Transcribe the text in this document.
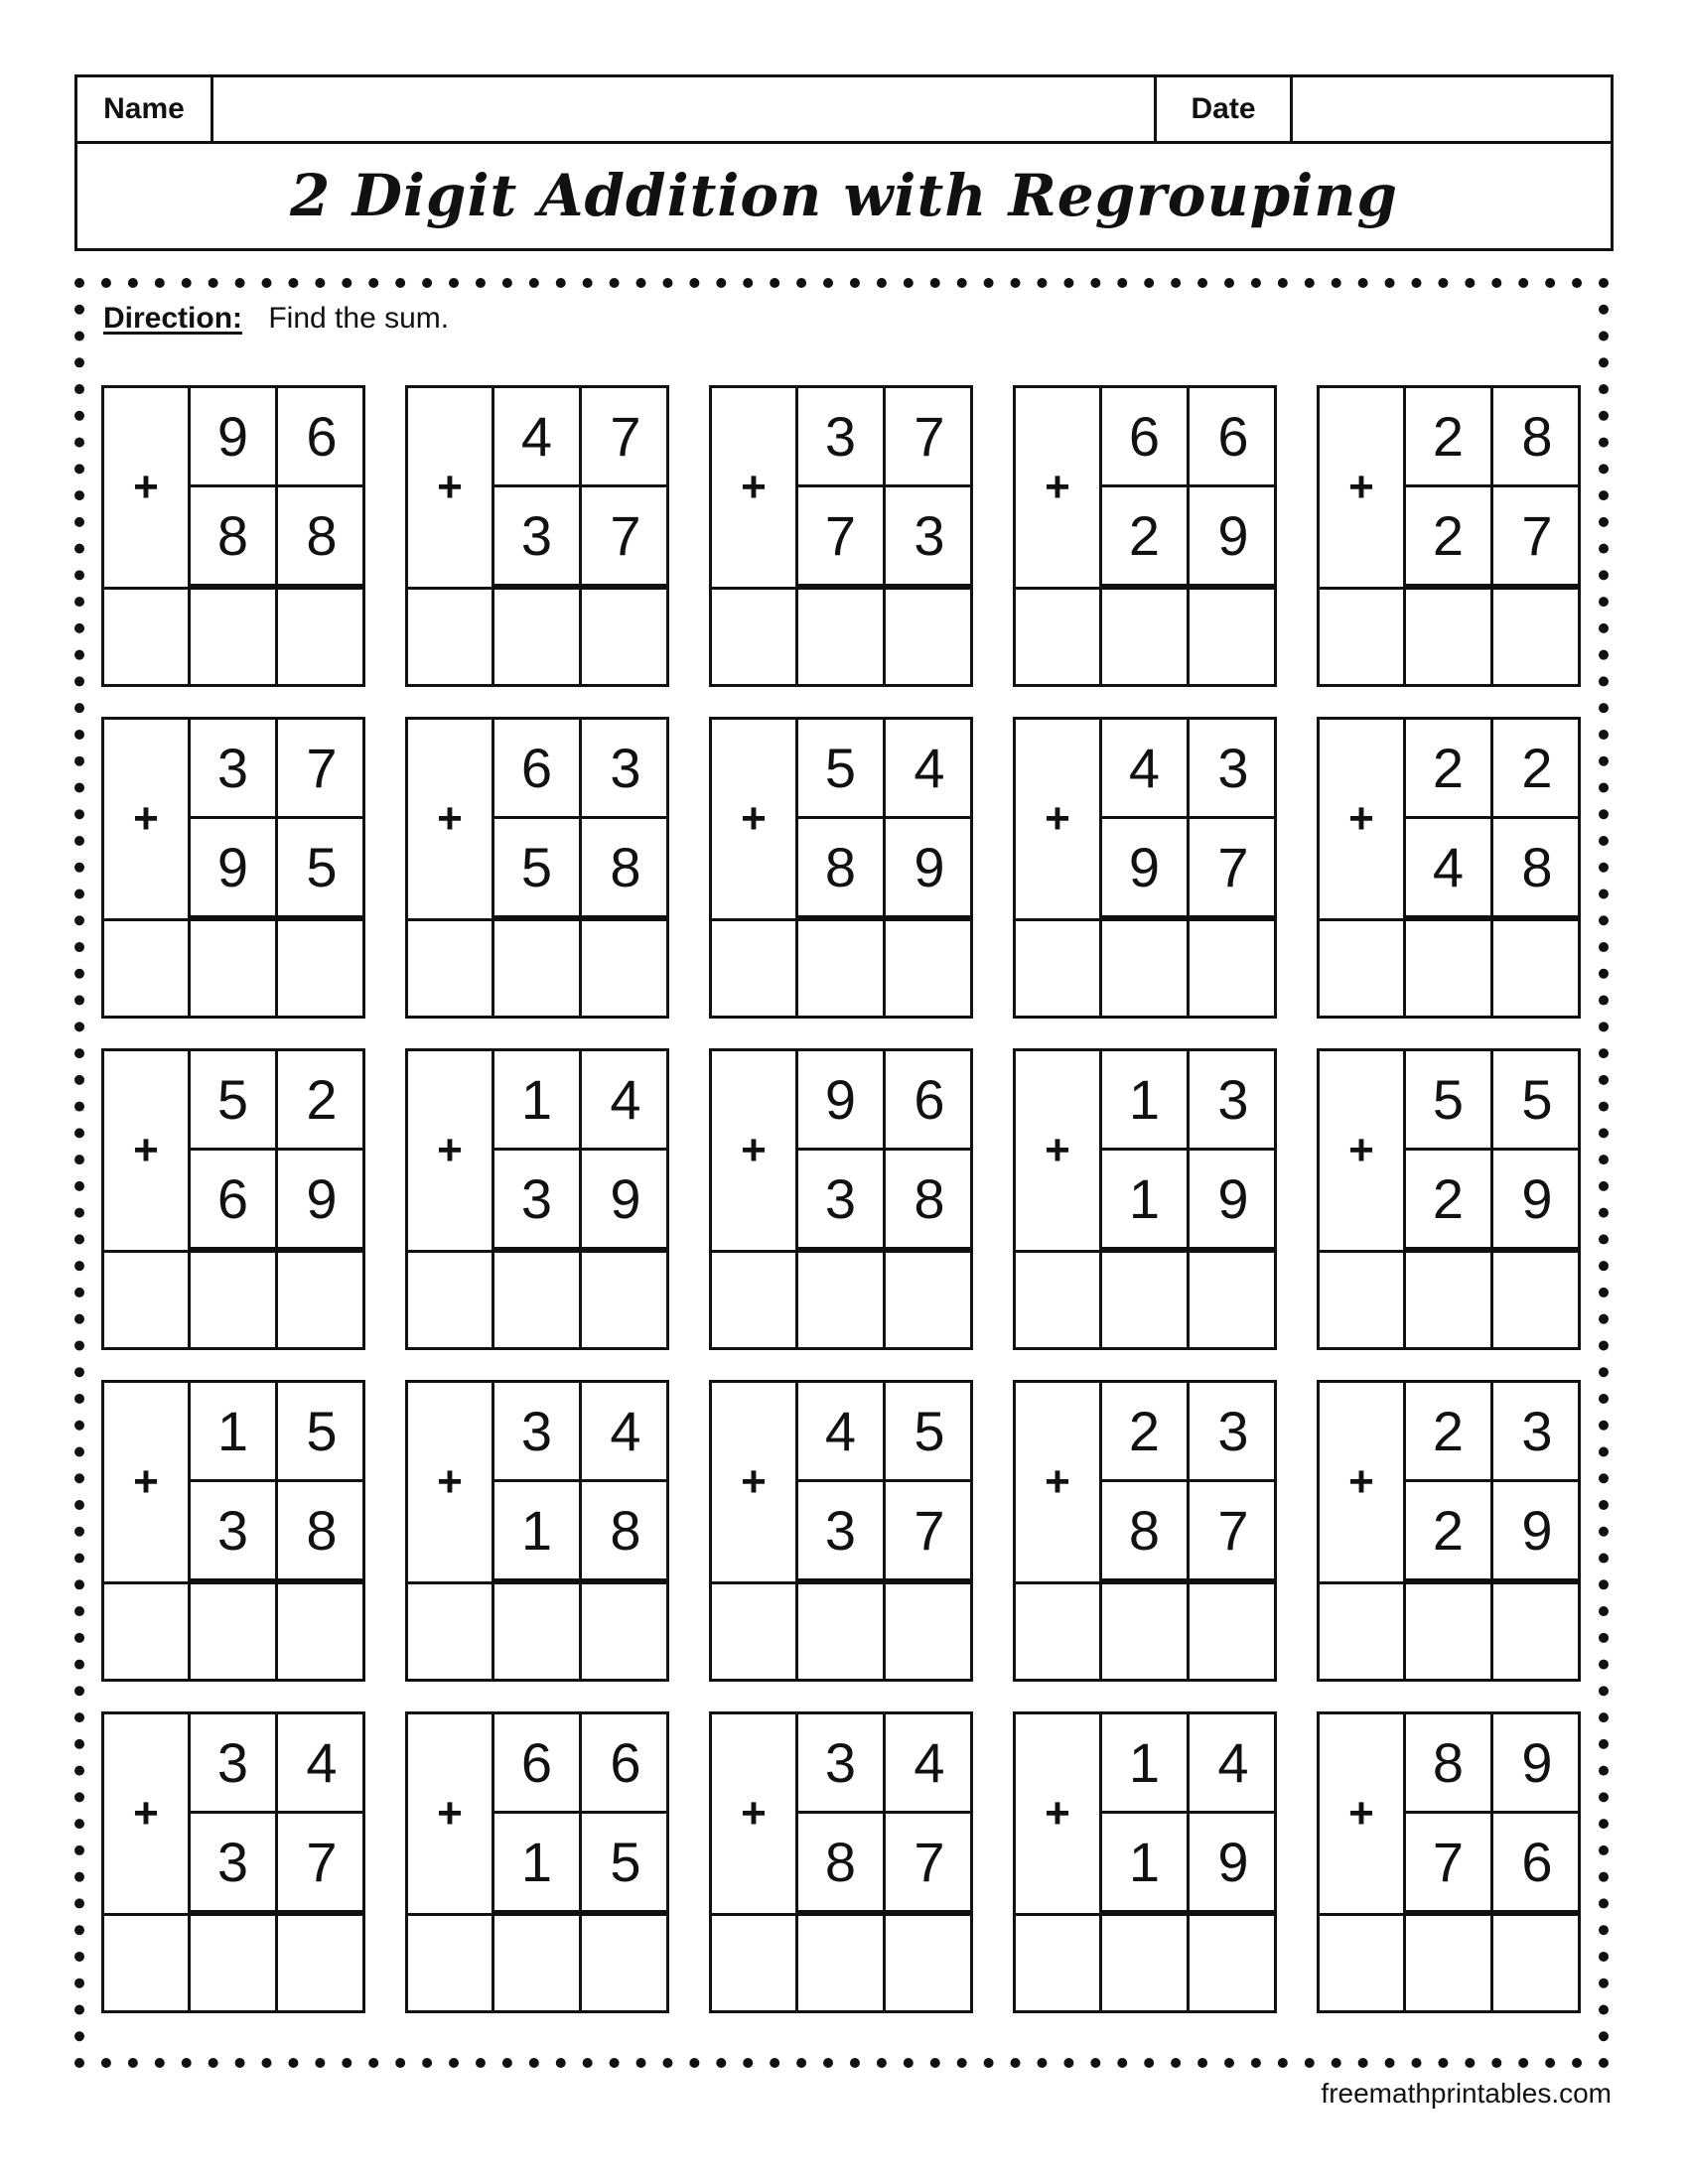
Name	Date
2 Digit Addition with Regrouping
Direction: Find the sum.
+
9	6
8	8
+
4	7
3	7
+
3	7
7	3
+
6	6
2	9
+
2	8
2	7
+
3	7
9	5
+
6	3
5	8
+
5	4
8	9
+
4	3
9	7
+
2	2
4	8
+
5	2
6	9
+
1	4
3	9
+
9	6
3	8
+
1	3
1	9
+
5	5
2	9
+
1	5
3	8
+
3	4
1	8
+
4	5
3	7
+
2	3
8	7
+
2	3
2	9
+
3	4
3	7
+
6	6
1	5
+
3	4
8	7
+
1	4
1	9
+
8	9
7	6
freemathprintables.com
